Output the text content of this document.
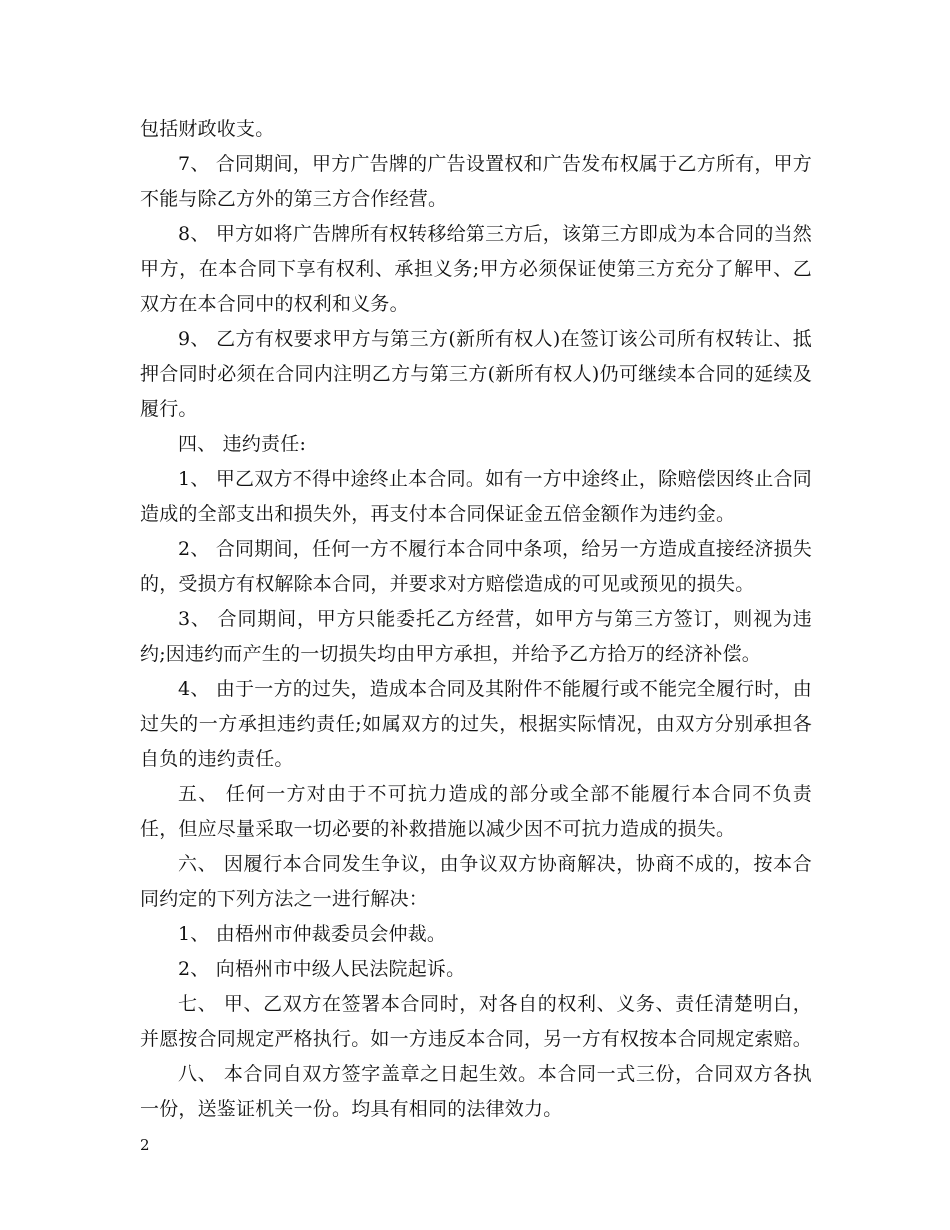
包括财政收支。

7、 合同期间，甲方广告牌的广告设置权和广告发布权属于乙方所有，甲方不能与除乙方外的第三方合作经营。

8、 甲方如将广告牌所有权转移给第三方后，该第三方即成为本合同的当然甲方，在本合同下享有权利、承担义务;甲方必须保证使第三方充分了解甲、乙双方在本合同中的权利和义务。

9、 乙方有权要求甲方与第三方(新所有权人)在签订该公司所有权转让、抵押合同时必须在合同内注明乙方与第三方(新所有权人)仍可继续本合同的延续及履行。

四、 违约责任:

1、 甲乙双方不得中途终止本合同。如有一方中途终止，除赔偿因终止合同造成的全部支出和损失外，再支付本合同保证金五倍金额作为违约金。

2、 合同期间，任何一方不履行本合同中条项，给另一方造成直接经济损失的，受损方有权解除本合同，并要求对方赔偿造成的可见或预见的损失。

3、 合同期间，甲方只能委托乙方经营，如甲方与第三方签订，则视为违约;因违约而产生的一切损失均由甲方承担，并给予乙方拾万的经济补偿。

4、 由于一方的过失，造成本合同及其附件不能履行或不能完全履行时，由过失的一方承担违约责任;如属双方的过失，根据实际情况，由双方分别承担各自负的违约责任。

五、 任何一方对由于不可抗力造成的部分或全部不能履行本合同不负责任，但应尽量采取一切必要的补救措施以减少因不可抗力造成的损失。

六、 因履行本合同发生争议，由争议双方协商解决，协商不成的，按本合同约定的下列方法之一进行解决：

1、 由梧州市仲裁委员会仲裁。

2、 向梧州市中级人民法院起诉。

七、 甲、乙双方在签署本合同时，对各自的权利、义务、责任清楚明白，并愿按合同规定严格执行。如一方违反本合同，另一方有权按本合同规定索赔。

八、 本合同自双方签字盖章之日起生效。本合同一式三份，合同双方各执一份，送鉴证机关一份。均具有相同的法律效力。

2
